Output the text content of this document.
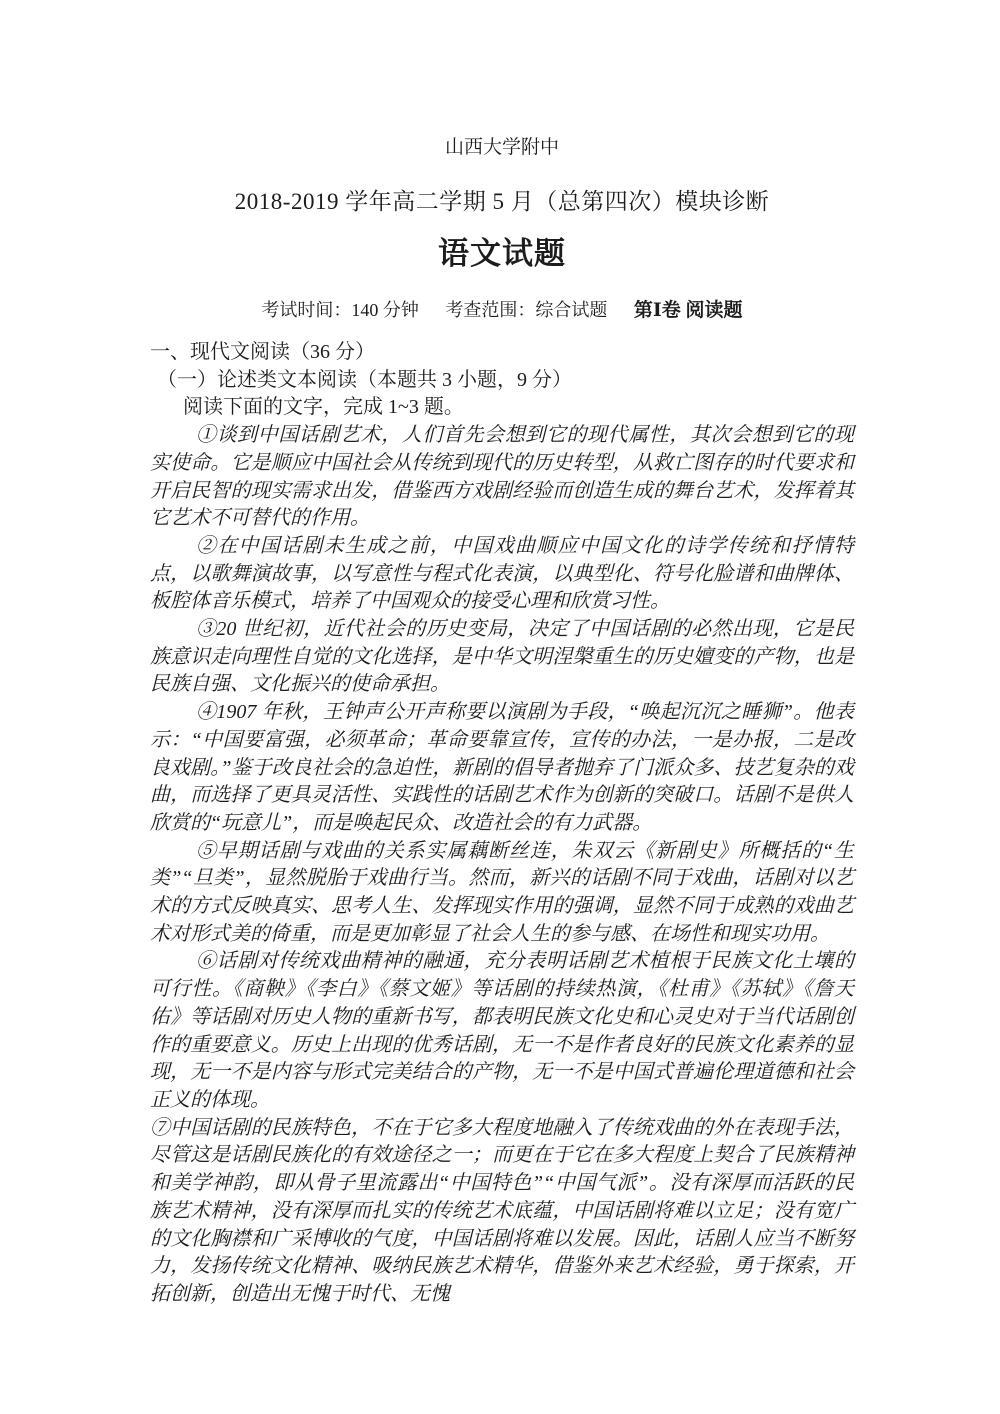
山西大学附中
2018-2019 学年高二学期 5 月（总第四次）模块诊断
语文试题
考试时间：140 分钟 考查范围：综合试题 第Ⅰ卷 阅读题

一、现代文阅读（36 分）

（一）论述类文本阅读（本题共 3 小题，9 分）

阅读下面的文字，完成 1~3 题。

①谈到中国话剧艺术，人们首先会想到它的现代属性，其次会想到它的现实使命。它是顺应中国社会从传统到现代的历史转型，从救亡图存的时代要求和开启民智的现实需求出发，借鉴西方戏剧经验而创造生成的舞台艺术，发挥着其它艺术不可替代的作用。

②在中国话剧未生成之前，中国戏曲顺应中国文化的诗学传统和抒情特点，以歌舞演故事，以写意性与程式化表演，以典型化、符号化脸谱和曲牌体、板腔体音乐模式，培养了中国观众的接受心理和欣赏习性。

③20 世纪初，近代社会的历史变局，决定了中国话剧的必然出现，它是民族意识走向理性自觉的文化选择，是中华文明涅槃重生的历史嬗变的产物，也是民族自强、文化振兴的使命承担。

④1907 年秋，王钟声公开声称要以演剧为手段，“唤起沉沉之睡狮”。他表示：“中国要富强，必须革命；革命要靠宣传，宣传的办法，一是办报，二是改良戏剧。”鉴于改良社会的急迫性，新剧的倡导者抛弃了门派众多、技艺复杂的戏曲，而选择了更具灵活性、实践性的话剧艺术作为创新的突破口。话剧不是供人欣赏的“玩意儿”，而是唤起民众、改造社会的有力武器。

⑤早期话剧与戏曲的关系实属藕断丝连，朱双云《新剧史》所概括的“生类”“旦类”，显然脱胎于戏曲行当。然而，新兴的话剧不同于戏曲，话剧对以艺术的方式反映真实、思考人生、发挥现实作用的强调，显然不同于成熟的戏曲艺术对形式美的倚重，而是更加彰显了社会人生的参与感、在场性和现实功用。

⑥话剧对传统戏曲精神的融通，充分表明话剧艺术植根于民族文化土壤的可行性。《商鞅》《李白》《蔡文姬》等话剧的持续热演，《杜甫》《苏轼》《詹天佑》等话剧对历史人物的重新书写，都表明民族文化史和心灵史对于当代话剧创作的重要意义。历史上出现的优秀话剧，无一不是作者良好的民族文化素养的显现，无一不是内容与形式完美结合的产物，无一不是中国式普遍伦理道德和社会正义的体现。

⑦中国话剧的民族特色，不在于它多大程度地融入了传统戏曲的外在表现手法，尽管这是话剧民族化的有效途径之一；而更在于它在多大程度上契合了民族精神和美学神韵，即从骨子里流露出“中国特色”“中国气派”。没有深厚而活跃的民族艺术精神，没有深厚而扎实的传统艺术底蕴，中国话剧将难以立足；没有宽广的文化胸襟和广采博收的气度，中国话剧将难以发展。因此，话剧人应当不断努力，发扬传统文化精神、吸纳民族艺术精华，借鉴外来艺术经验，勇于探索，开拓创新，创造出无愧于时代、无愧
